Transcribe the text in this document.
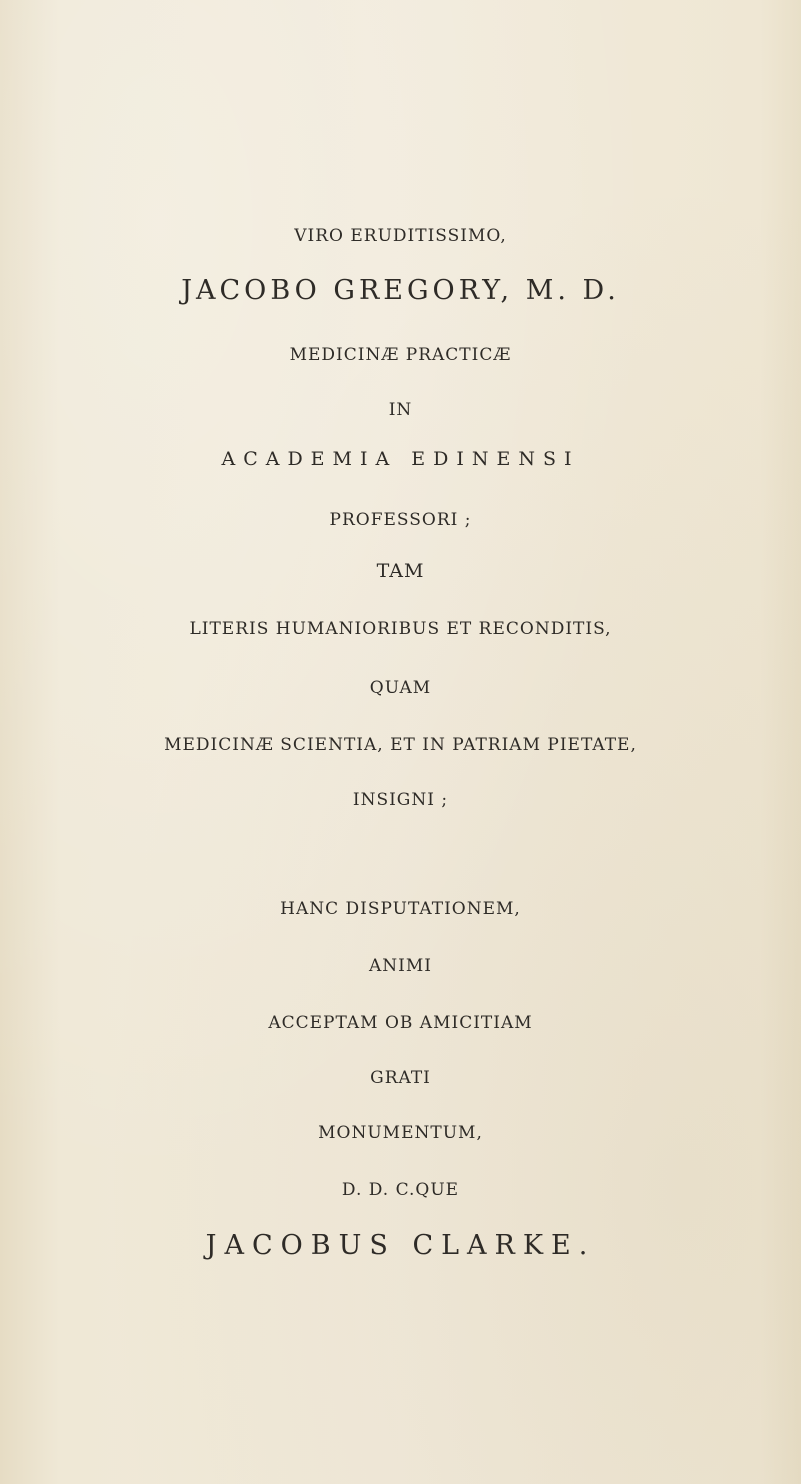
VIRO ERUDITISSIMO,
JACOBO GREGORY, M. D.
MEDICINÆ PRACTICÆ
IN
ACADEMIA EDINENSI
PROFESSORI ;
TAM
LITERIS HUMANIORIBUS ET RECONDITIS,
QUAM
MEDICINÆ SCIENTIA, ET IN PATRIAM PIETATE,
INSIGNI ;
HANC DISPUTATIONEM,
ANIMI
ACCEPTAM OB AMICITIAM
GRATI
MONUMENTUM,
D. D. C.QUE
JACOBUS CLARKE.
